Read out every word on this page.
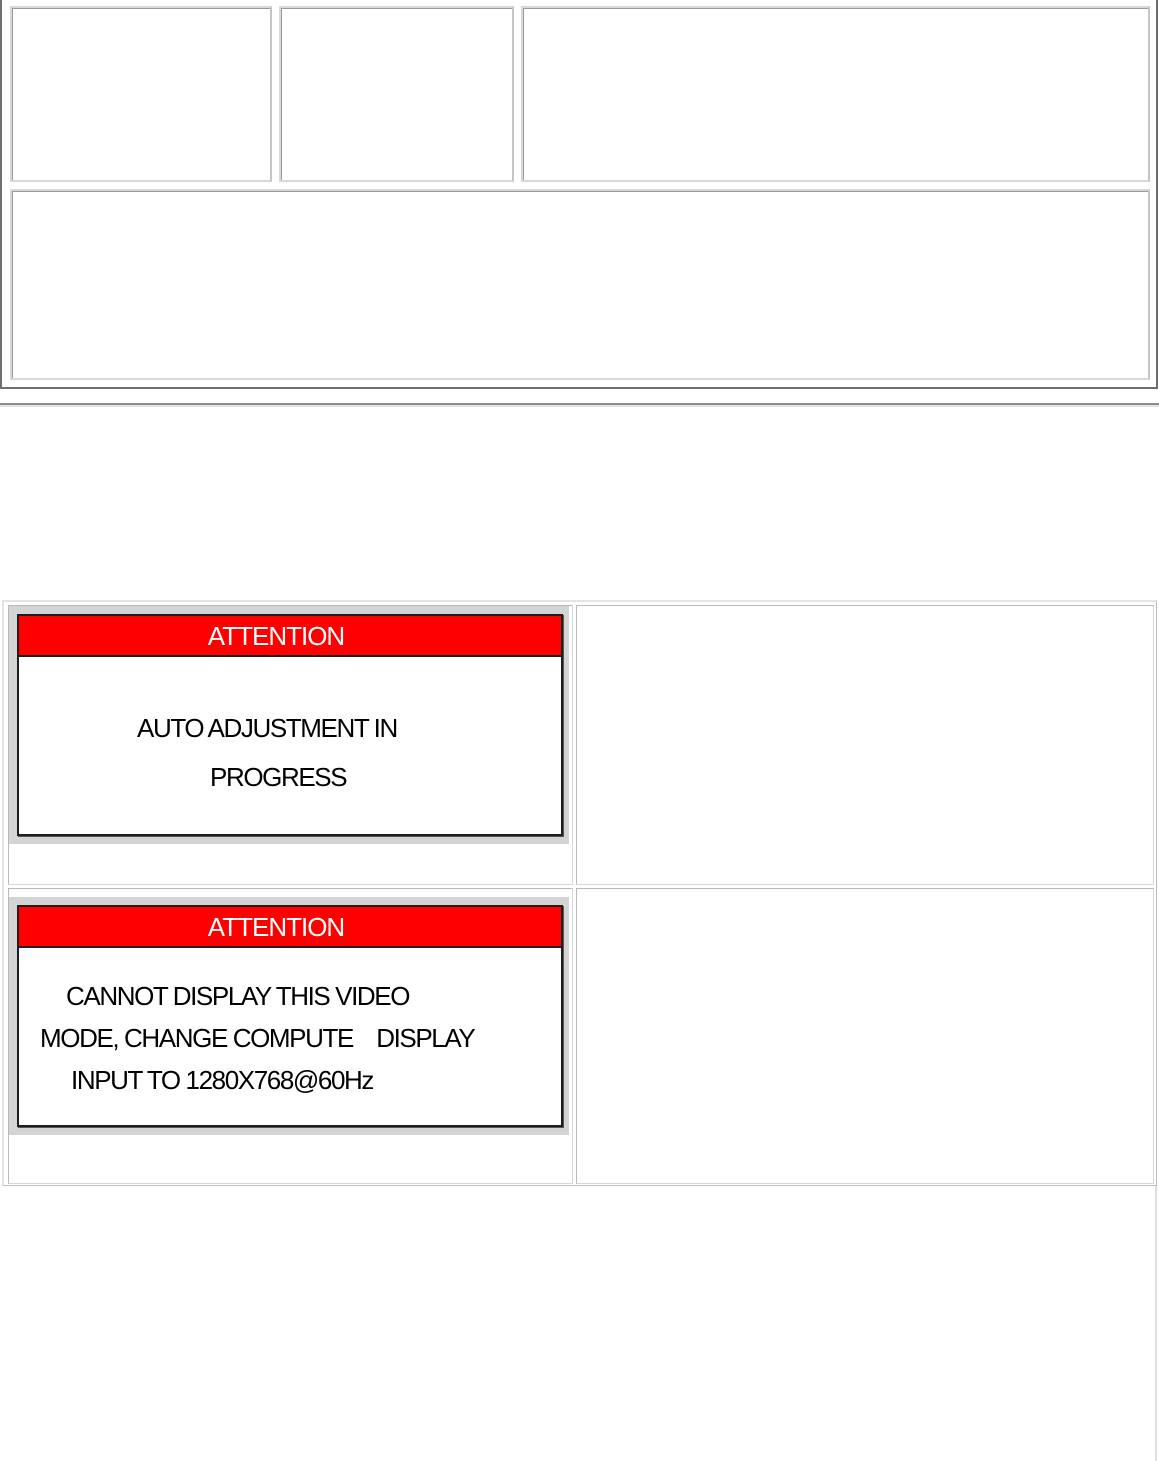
ATTENTION
AUTO ADJUSTMENT IN
PROGRESS
ATTENTION
CANNOT DISPLAY THIS VIDEO
MODE, CHANGE COMPUTE    DISPLAY
INPUT TO 1280X768@60Hz
